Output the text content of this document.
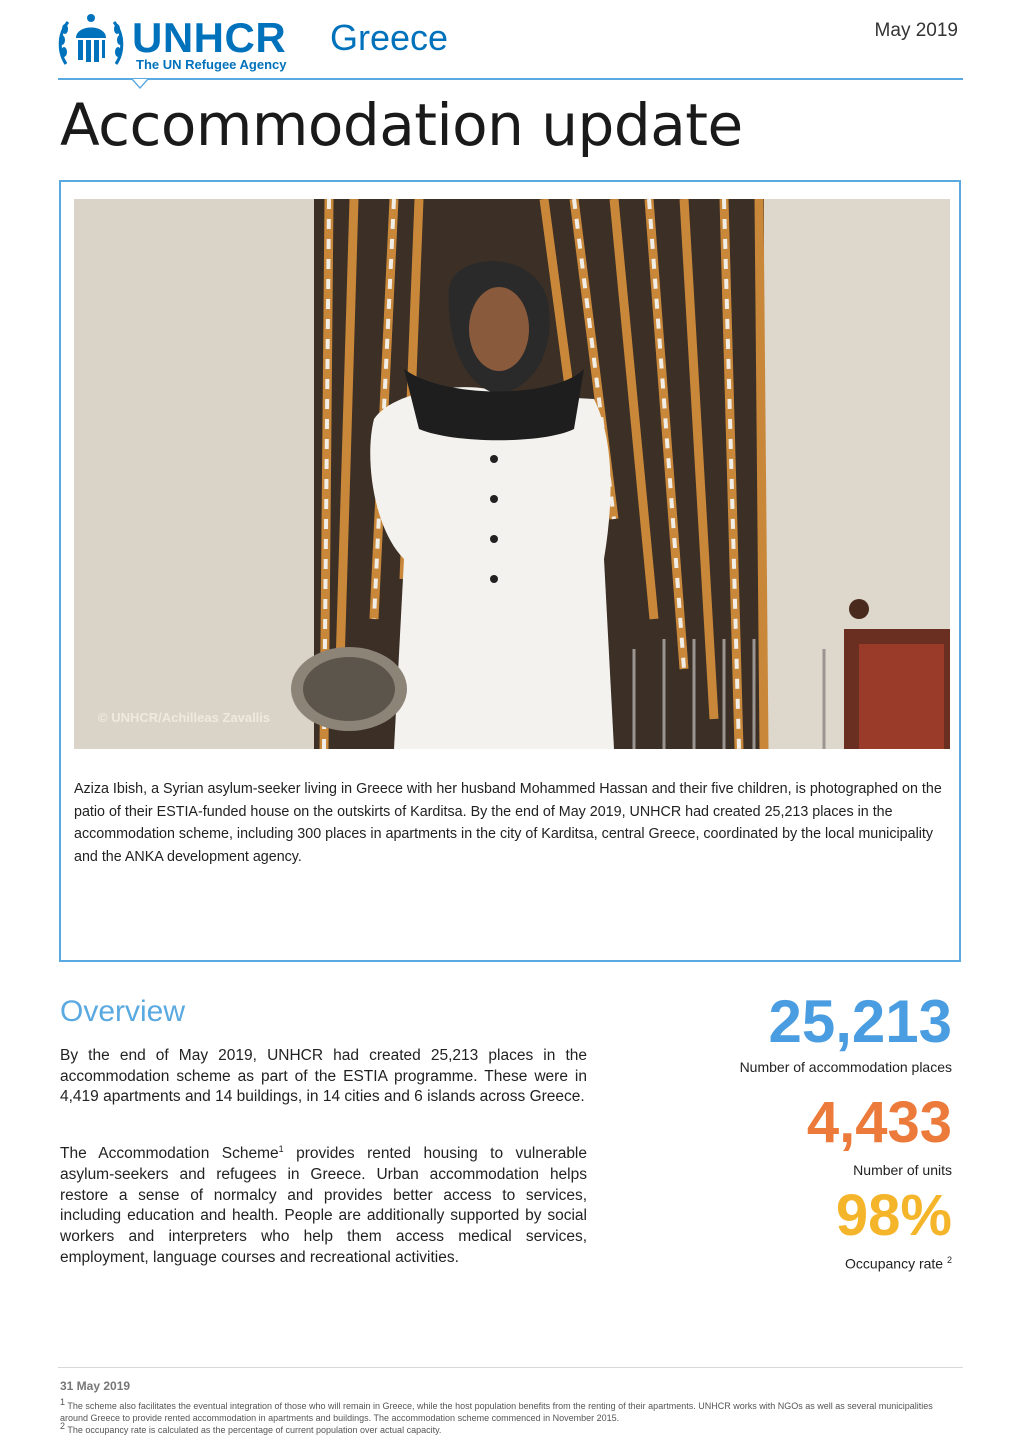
UNHCR
The UN Refugee Agency
Greece	May 2019
Accommodation update
© UNHCR/Achilleas Zavallis
Aziza Ibish, a Syrian asylum-seeker living in Greece with her husband Mohammed Hassan and their five children, is photographed on the patio of their ESTIA-funded house on the outskirts of Karditsa. By the end of May 2019, UNHCR had created 25,213 places in the accommodation scheme, including 300 places in apartments in the city of Karditsa, central Greece, coordinated by the local municipality and the ANKA development agency.
Overview

By the end of May 2019, UNHCR had created 25,213 places in the accommodation scheme as part of the ESTIA programme. These were in 4,419 apartments and 14 buildings, in 14 cities and 6 islands across Greece.

The Accommodation Scheme$^1$ provides rented housing to vulnerable asylum-seekers and refugees in Greece. Urban accommodation helps restore a sense of normalcy and provides better access to services, including education and health. People are additionally supported by social workers and interpreters who help them access medical services, employment, language courses and recreational activities.

25,213
Number of accommodation places
4,433
Number of units
98%
Occupancy rate $^2$
31 May 2019
$^1$ The scheme also facilitates the eventual integration of those who will remain in Greece, while the host population benefits from the renting of their apartments. UNHCR works with NGOs as well as several municipalities around Greece to provide rented accommodation in apartments and buildings. The accommodation scheme commenced in November 2015.
$^2$ The occupancy rate is calculated as the percentage of current population over actual capacity.
